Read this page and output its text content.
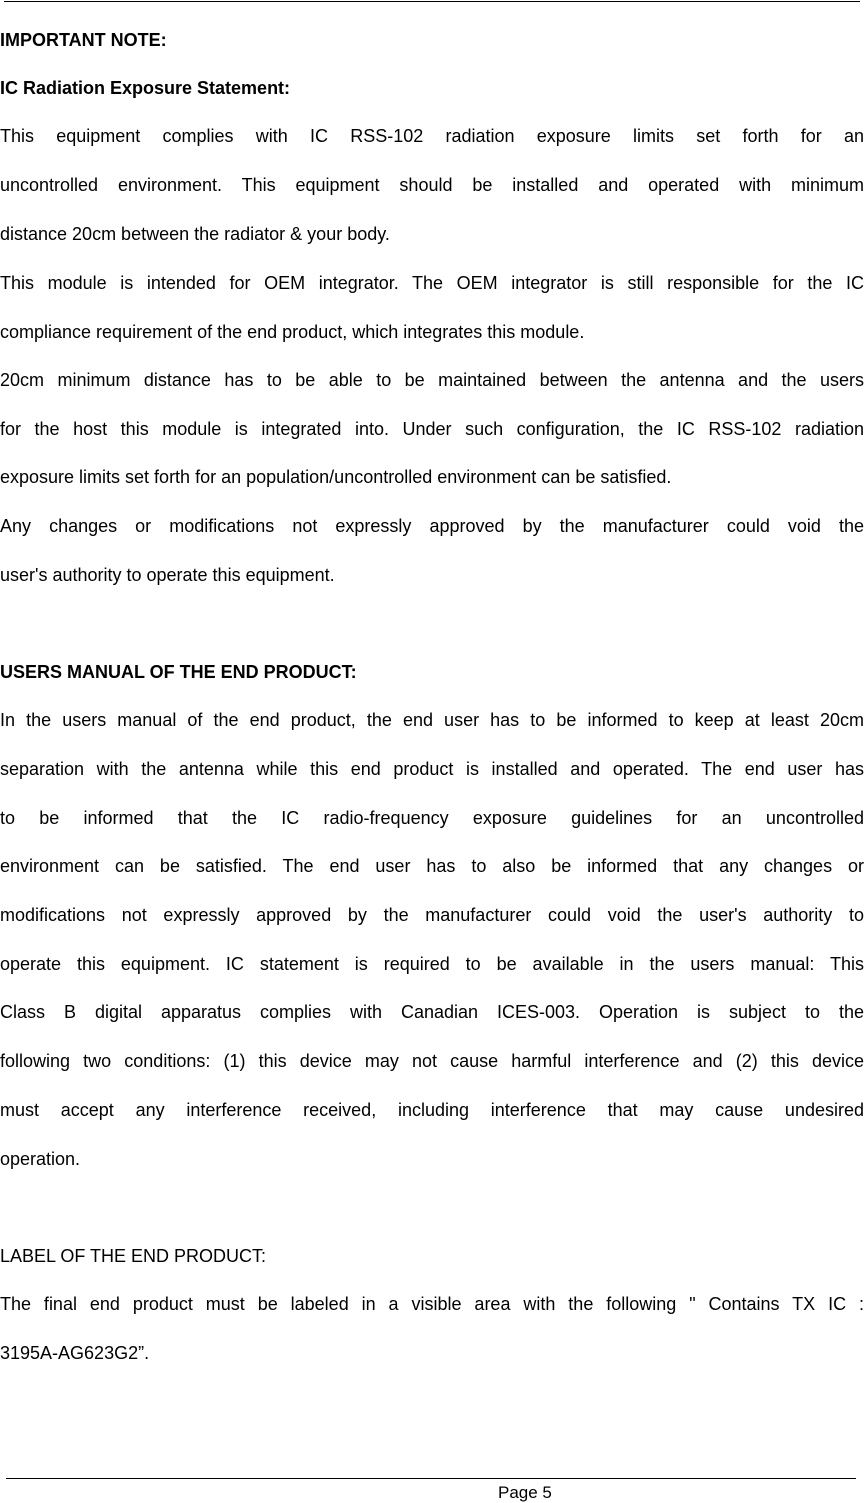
IMPORTANT NOTE:
IC Radiation Exposure Statement:
This equipment complies with IC RSS-102 radiation exposure limits set forth for an
uncontrolled environment. This equipment should be installed and operated with minimum
distance 20cm between the radiator & your body.
This module is intended for OEM integrator. The OEM integrator is still responsible for the IC
compliance requirement of the end product, which integrates this module.
20cm minimum distance has to be able to be maintained between the antenna and the users
for the host this module is integrated into. Under such configuration, the IC RSS-102 radiation
exposure limits set forth for an population/uncontrolled environment can be satisfied.
Any changes or modifications not expressly approved by the manufacturer could void the
user's authority to operate this equipment.
USERS MANUAL OF THE END PRODUCT:
In the users manual of the end product, the end user has to be informed to keep at least 20cm
separation with the antenna while this end product is installed and operated. The end user has
to be informed that the IC radio-frequency exposure guidelines for an uncontrolled
environment can be satisfied. The end user has to also be informed that any changes or
modifications not expressly approved by the manufacturer could void the user's authority to
operate this equipment. IC statement is required to be available in the users manual: This
Class B digital apparatus complies with Canadian ICES-003. Operation is subject to the
following two conditions: (1) this device may not cause harmful interference and (2) this device
must accept any interference received, including interference that may cause undesired
operation.
LABEL OF THE END PRODUCT:
The final end product must be labeled in a visible area with the following " Contains TX IC :
3195A-AG623G2”.
Page 5
